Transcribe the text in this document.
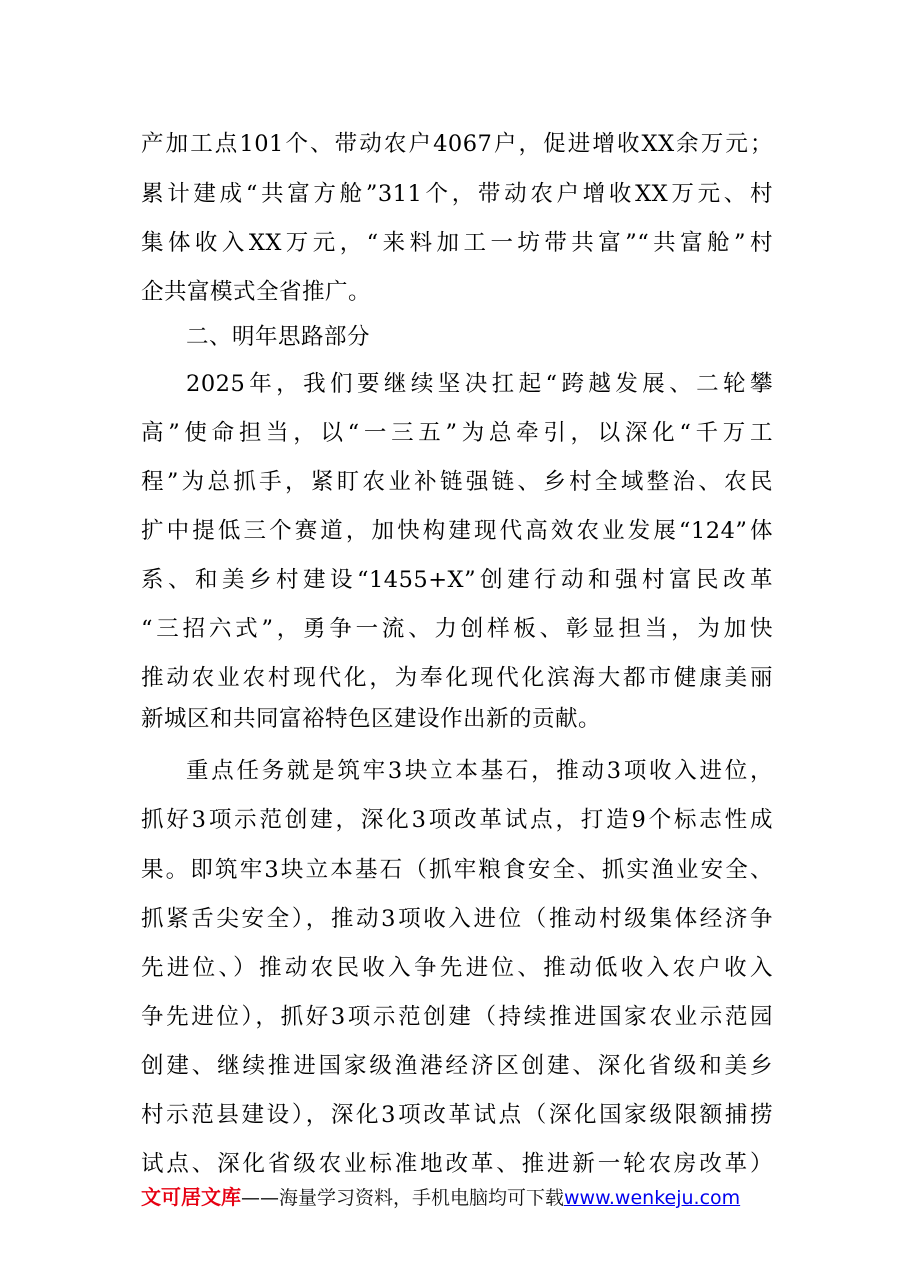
产加工点101个、带动农户4067户，促进增收XX余万元；
累计建成“共富方舱”311个，带动农户增收XX万元、村
集体收入XX万元，“来料加工一坊带共富”“共富舱”村
企共富模式全省推广。
二、明年思路部分
2025年，我们要继续坚决扛起“跨越发展、二轮攀
高”使命担当，以“一三五”为总牵引，以深化“千万工
程”为总抓手，紧盯农业补链强链、乡村全域整治、农民
扩中提低三个赛道，加快构建现代高效农业发展“124”体
系、和美乡村建设“1455+X”创建行动和强村富民改革
“三招六式”，勇争一流、力创样板、彰显担当，为加快
推动农业农村现代化，为奉化现代化滨海大都市健康美丽
新城区和共同富裕特色区建设作出新的贡献。
重点任务就是筑牢3块立本基石，推动3项收入进位，
抓好3项示范创建，深化3项改革试点，打造9个标志性成
果。即筑牢3块立本基石（抓牢粮食安全、抓实渔业安全、
抓紧舌尖安全），推动3项收入进位（推动村级集体经济争
先进位、）推动农民收入争先进位、推动低收入农户收入
争先进位），抓好3项示范创建（持续推进国家农业示范园
创建、继续推进国家级渔港经济区创建、深化省级和美乡
村示范县建设），深化3项改革试点（深化国家级限额捕捞
试点、深化省级农业标准地改革、推进新一轮农房改革）
文可居文库——海量学习资料，手机电脑均可下载www.wenkeju.com
